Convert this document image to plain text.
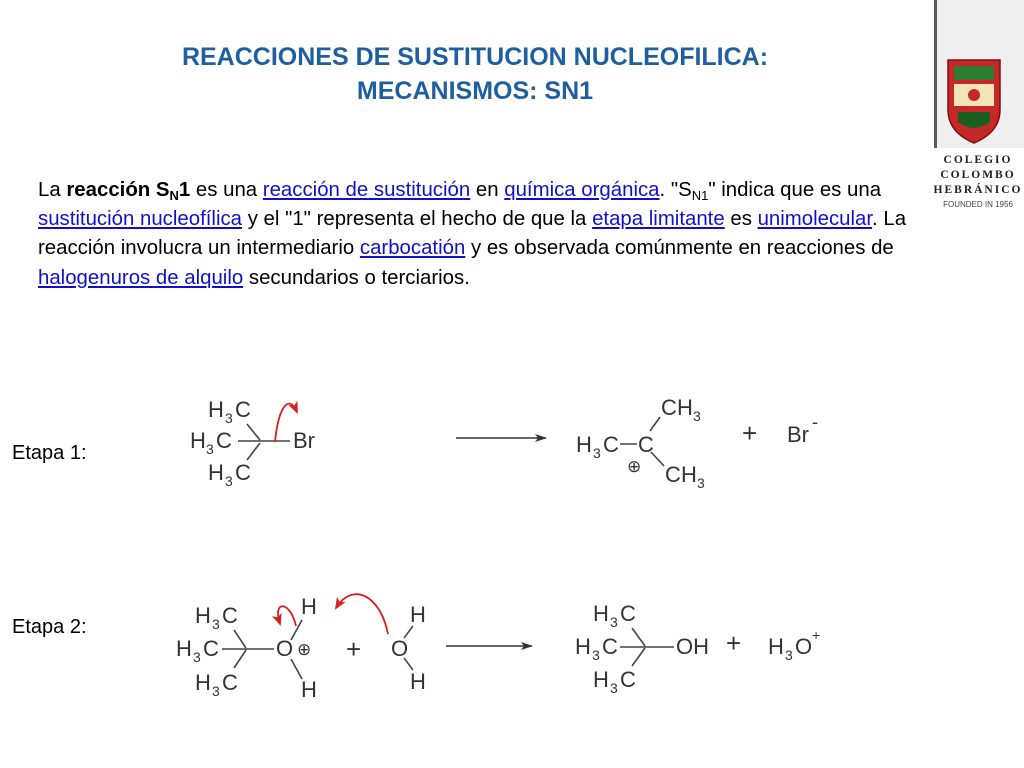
COLEGIO
COLOMBO
HEBRÁNICO
FOUNDED IN 1956
REACCIONES DE SUSTITUCION NUCLEOFILICA:
MECANISMOS: SN1
La reacción $S_N1$ es una reacción de sustitución en química orgánica. "$S_{N1}$" indica que es una sustitución nucleofílica y el "1" representa el hecho de que la etapa limitante es unimolecular. La reacción involucra un intermediario carbocatión y es observada comúnmente en reacciones de halogenuros de alquilo secundarios o terciarios.
Etapa 1:
Etapa 2:
H 3 C
H 3 C
H 3 C
Br	H 3 C C
C H 3
C H 3
⊕
+ Br -
H 3 C
H 3 C
H 3 C
O ⊕
H
H
+
H
O
H
H 3 C
H 3 C
H 3 C
OH + H 3 O +
